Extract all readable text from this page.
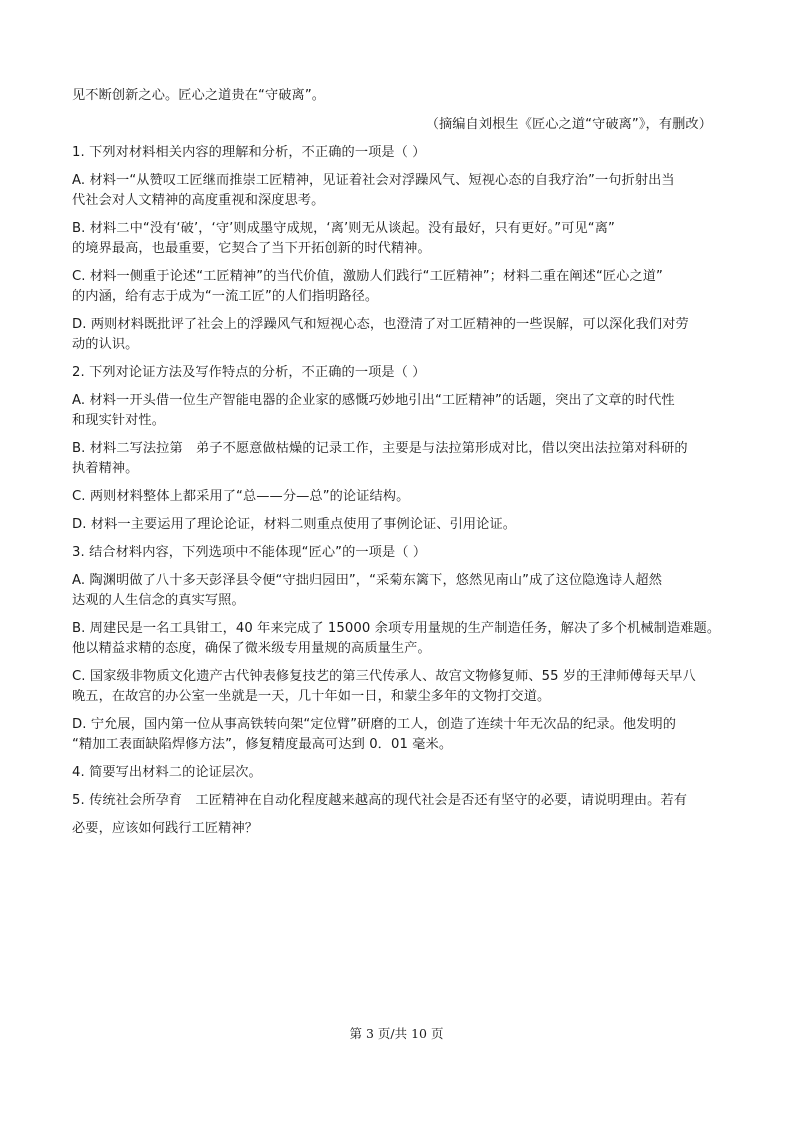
见不断创新之心。匠心之道贵在“守破离”。
（摘编自刘根生《匠心之道“守破离”》，有删改）
1. 下列对材料相关内容的理解和分析，不正确的一项是（ ）
A. 材料一“从赞叹工匠继而推崇工匠精神，见证着社会对浮躁风气、短视心态的自我疗治”一句折射出当
代社会对人文精神的高度重视和深度思考。
B. 材料二中“没有‘破’，‘守’则成墨守成规，‘离’则无从谈起。没有最好，只有更好。”可见“离”
的境界最高，也最重要，它契合了当下开拓创新的时代精神。
C. 材料一侧重于论述“工匠精神”的当代价值，激励人们践行“工匠精神”；材料二重在阐述“匠心之道”
的内涵，给有志于成为“一流工匠”的人们指明路径。
D. 两则材料既批评了社会上的浮躁风气和短视心态，也澄清了对工匠精神的一些误解，可以深化我们对劳
动的认识。
2. 下列对论证方法及写作特点的分析，不正确的一项是（ ）
A. 材料一开头借一位生产智能电器的企业家的感慨巧妙地引出“工匠精神”的话题，突出了文章的时代性
和现实针对性。
B. 材料二写法拉第　弟子不愿意做枯燥的记录工作，主要是与法拉第形成对比，借以突出法拉第对科研的
执着精神。
C. 两则材料整体上都采用了“总——分—总”的论证结构。
D. 材料一主要运用了理论论证，材料二则重点使用了事例论证、引用论证。
3. 结合材料内容，下列选项中不能体现“匠心”的一项是（ ）
A. 陶渊明做了八十多天彭泽县令便“守拙归园田”，“采菊东篱下，悠然见南山”成了这位隐逸诗人超然
达观的人生信念的真实写照。
B. 周建民是一名工具钳工，40 年来完成了 15000 余项专用量规的生产制造任务，解决了多个机械制造难题。
他以精益求精的态度，确保了微米级专用量规的高质量生产。
C. 国家级非物质文化遗产古代钟表修复技艺的第三代传承人、故宫文物修复师、55 岁的王津师傅每天早八
晚五，在故宫的办公室一坐就是一天，几十年如一日，和蒙尘多年的文物打交道。
D. 宁允展，国内第一位从事高铁转向架“定位臂”研磨的工人，创造了连续十年无次品的纪录。他发明的
“精加工表面缺陷焊修方法”，修复精度最高可达到 0．01 毫米。
4. 简要写出材料二的论证层次。
5. 传统社会所孕育　工匠精神在自动化程度越来越高的现代社会是否还有坚守的必要，请说明理由。若有
必要，应该如何践行工匠精神？
第 3 页/共 10 页
